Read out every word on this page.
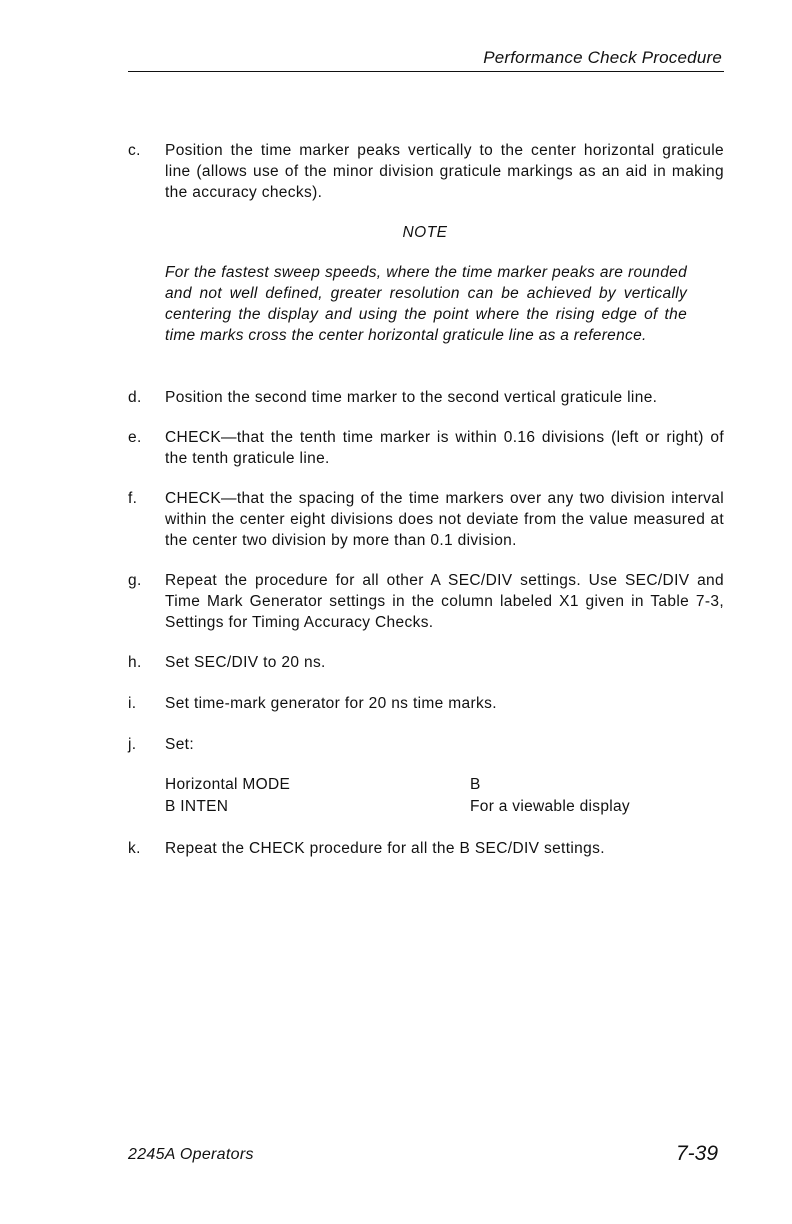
Performance Check Procedure
c. Position the time marker peaks vertically to the center horizontal graticule line (allows use of the minor division graticule markings as an aid in making the accuracy checks).
NOTE
For the fastest sweep speeds, where the time marker peaks are rounded and not well defined, greater resolution can be achieved by vertically centering the display and using the point where the rising edge of the time marks cross the center horizontal graticule line as a reference.
d. Position the second time marker to the second vertical graticule line.
e. CHECK—that the tenth time marker is within 0.16 divisions (left or right) of the tenth graticule line.
f. CHECK—that the spacing of the time markers over any two division interval within the center eight divisions does not deviate from the value measured at the center two division by more than 0.1 division.
g. Repeat the procedure for all other A SEC/DIV settings. Use SEC/DIV and Time Mark Generator settings in the column labeled X1 given in Table 7-3, Settings for Timing Accuracy Checks.
h. Set SEC/DIV to 20 ns.
i. Set time-mark generator for 20 ns time marks.
j. Set:
Horizontal MODE	B
B INTEN	For a viewable display
k. Repeat the CHECK procedure for all the B SEC/DIV settings.
2245A Operators	7-39
